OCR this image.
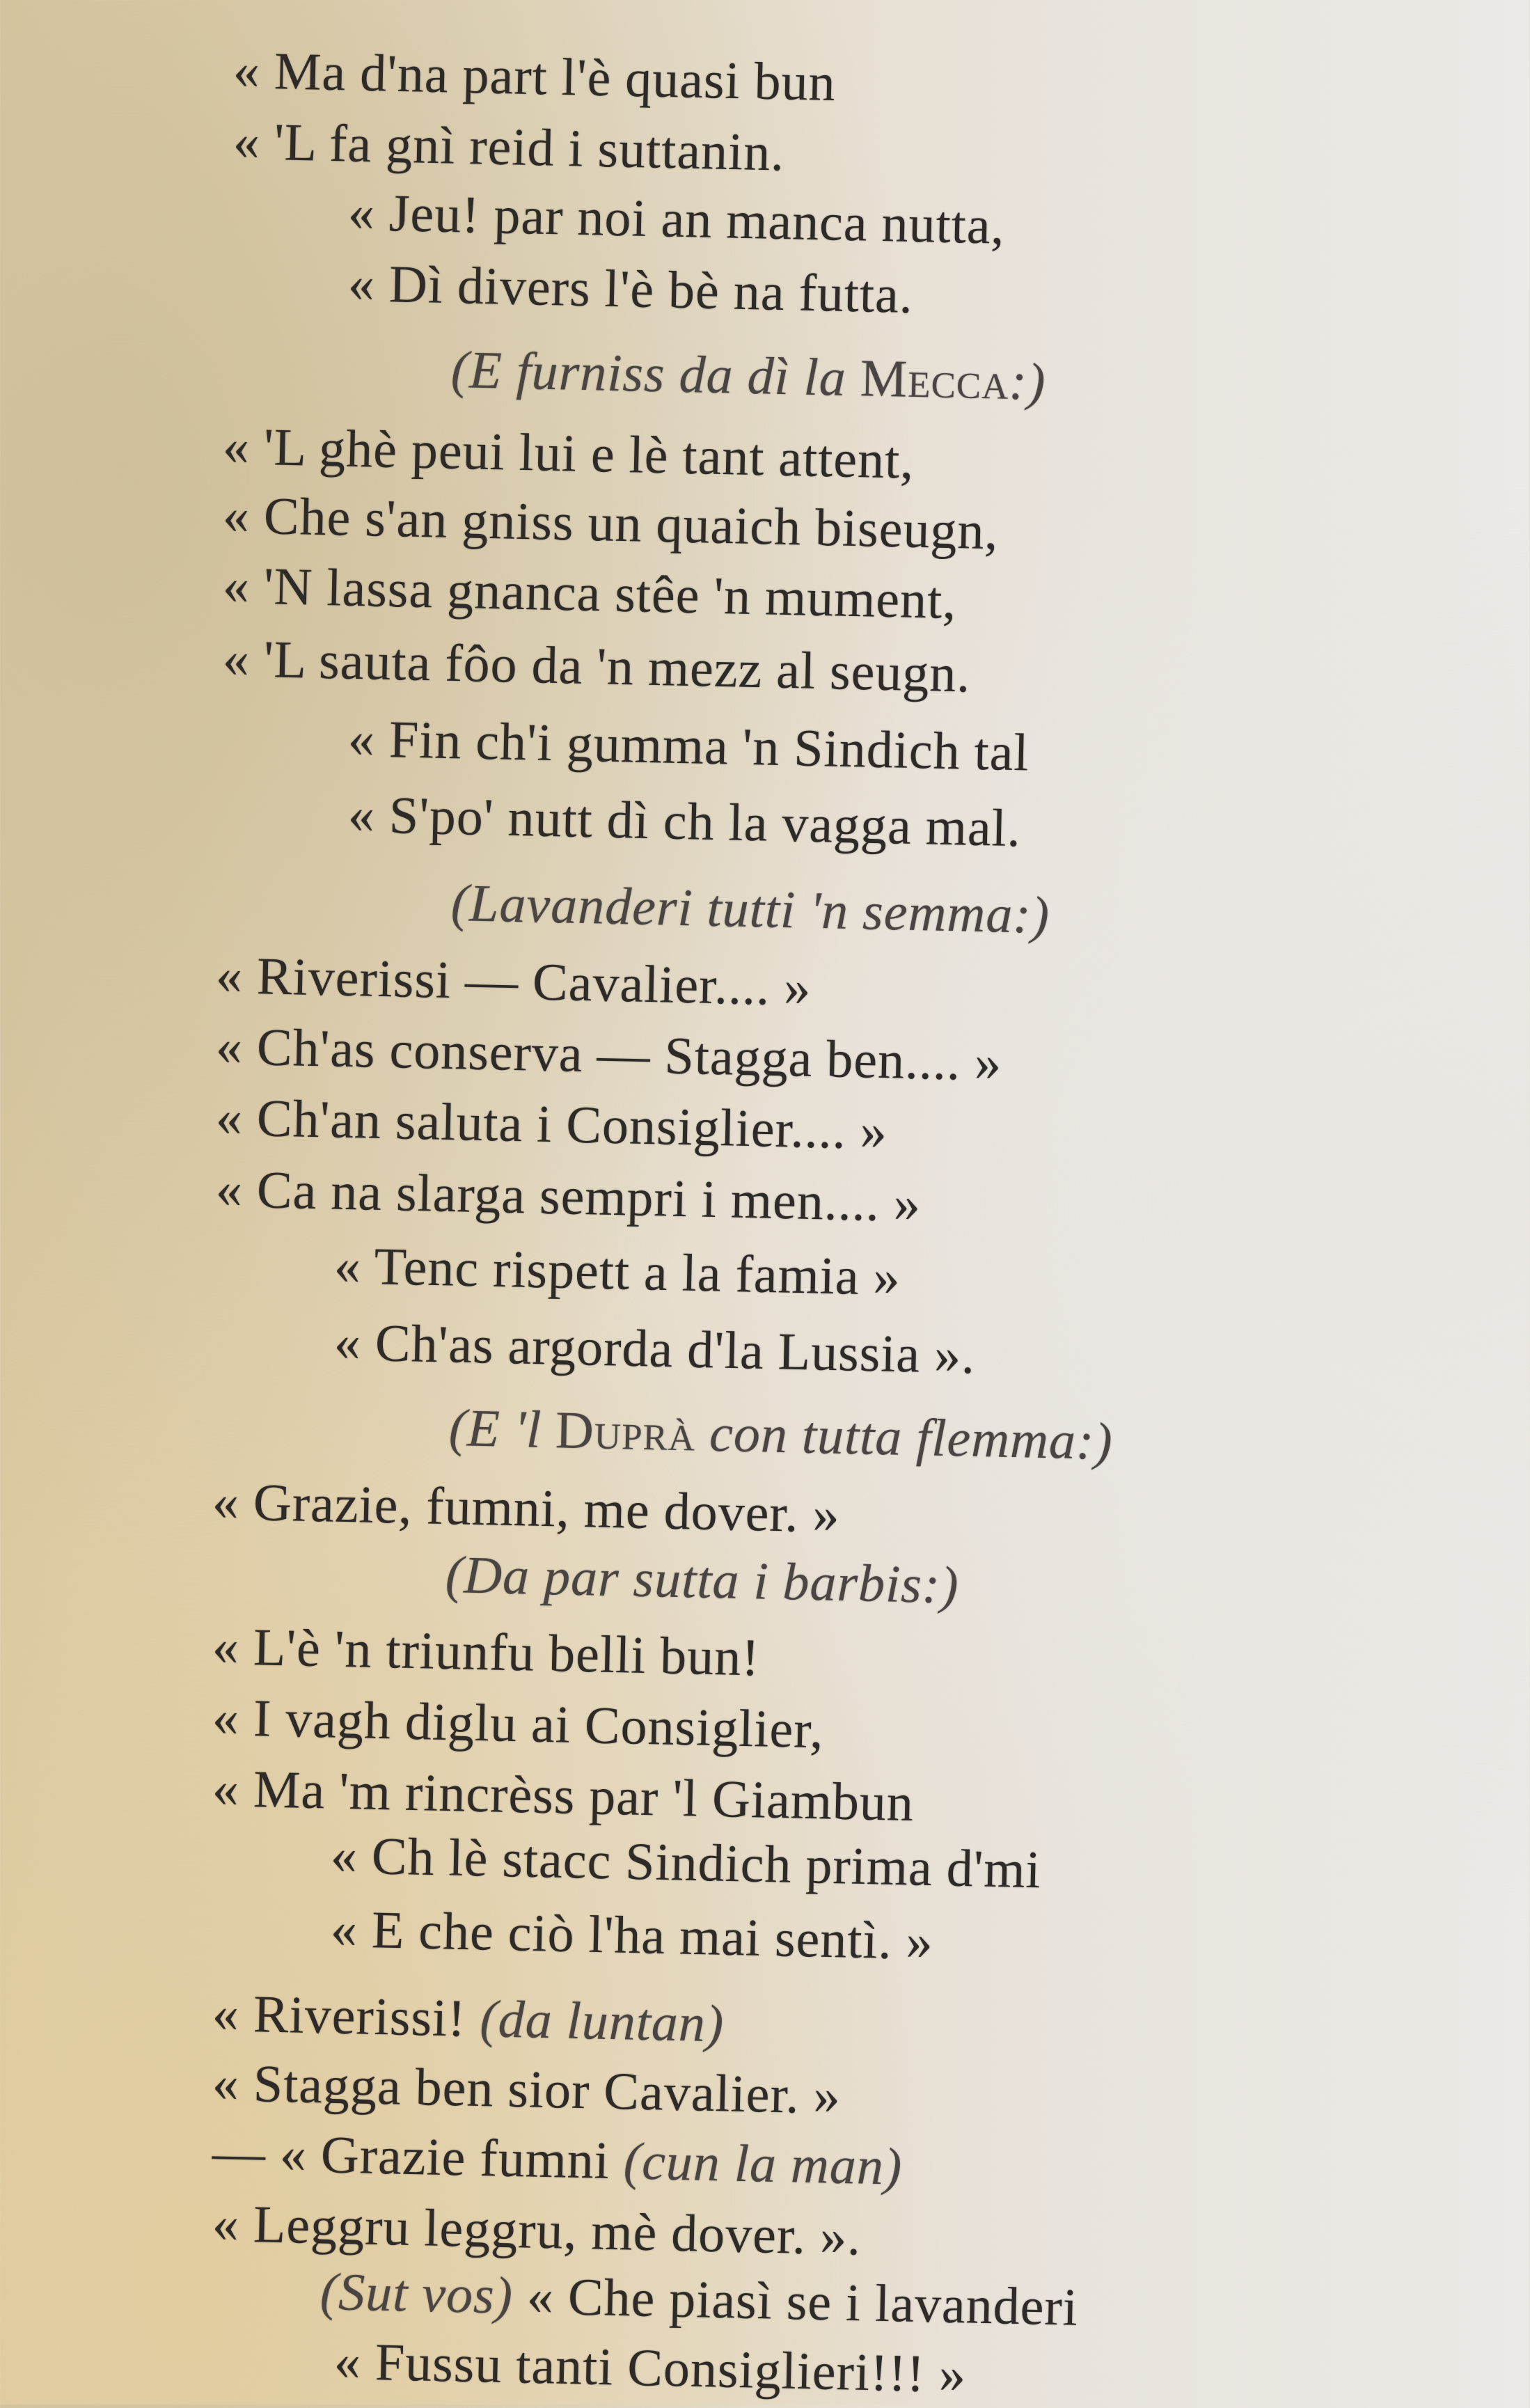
« Ma d'na part l'è quasi bun
« 'L fa gnì reid i suttanin.
« Jeu! par noi an manca nutta,
« Dì divers l'è bè na futta.
(E furniss da dì la Mecca:)
« 'L ghè peui lui e lè tant attent,
« Che s'an gniss un quaich biseugn,
« 'N lassa gnanca stêe 'n mument,
« 'L sauta fôo da 'n mezz al seugn.
« Fin ch'i gumma 'n Sindich tal
« S'po' nutt dì ch la vagga mal.
(Lavanderi tutti 'n semma:)
« Riverissi — Cavalier.... »
« Ch'as conserva — Stagga ben.... »
« Ch'an saluta i Consiglier.... »
« Ca na slarga sempri i men.... »
« Tenc rispett a la famia »
« Ch'as argorda d'la Lussia ».
(E 'l Duprà con tutta flemma:)
« Grazie, fumni, me dover. »
(Da par sutta i barbis:)
« L'è 'n triunfu belli bun!
« I vagh diglu ai Consiglier,
« Ma 'm rincrèss par 'l Giambun
« Ch lè stacc Sindich prima d'mi
« E che ciò l'ha mai sentì. »
« Riverissi! (da luntan)
« Stagga ben sior Cavalier. »
— « Grazie fumni (cun la man)
« Leggru leggru, mè dover. ».
(Sut vos) « Che piasì se i lavanderi
« Fussu tanti Consiglieri!!! »
